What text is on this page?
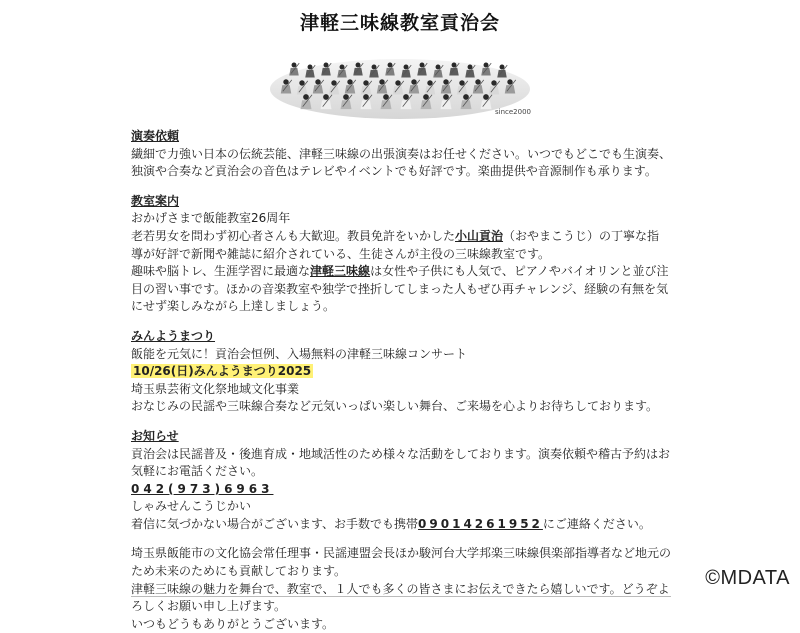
津軽三味線教室貢治会
since2000
演奏依頼

繊細で力強い日本の伝統芸能、津軽三味線の出張演奏はお任せください。いつでもどこでも生演奏、独演や合奏など貢治会の音色はテレビやイベントでも好評です。楽曲提供や音源制作も承ります。

教室案内

おかげさまで飯能教室26周年

老若男女を問わず初心者さんも大歓迎。教員免許をいかした小山貢治（おやまこうじ）の丁寧な指導が好評で新聞や雑誌に紹介されている、生徒さんが主役の三味線教室です。

趣味や脳トレ、生涯学習に最適な津軽三味線は女性や子供にも人気で、ピアノやバイオリンと並び注目の習い事です。ほかの音楽教室や独学で挫折してしまった人もぜひ再チャレンジ、経験の有無を気にせず楽しみながら上達しましょう。

みんようまつり

飯能を元気に！貢治会恒例、入場無料の津軽三味線コンサート

10/26(日)みんようまつり2025

埼玉県芸術文化祭地域文化事業

おなじみの民謡や三味線合奏など元気いっぱい楽しい舞台、ご来場を心よりお待ちしております。

お知らせ

貢治会は民謡普及・後進育成・地域活性のため様々な活動をしております。演奏依頼や稽古予約はお気軽にお電話ください。

042(973)6963

しゃみせんこうじかい

着信に気づかない場合がございます、お手数でも携帯09014261952にご連絡ください。

埼玉県飯能市の文化協会常任理事・民謡連盟会長ほか駿河台大学邦楽三味線倶楽部指導者など地元のため未来のためにも貢献しております。

津軽三味線の魅力を舞台で、教室で、１人でも多くの皆さまにお伝えできたら嬉しいです。どうぞよろしくお願い申し上げます。

いつもどうもありがとうございます。

©MDATA
